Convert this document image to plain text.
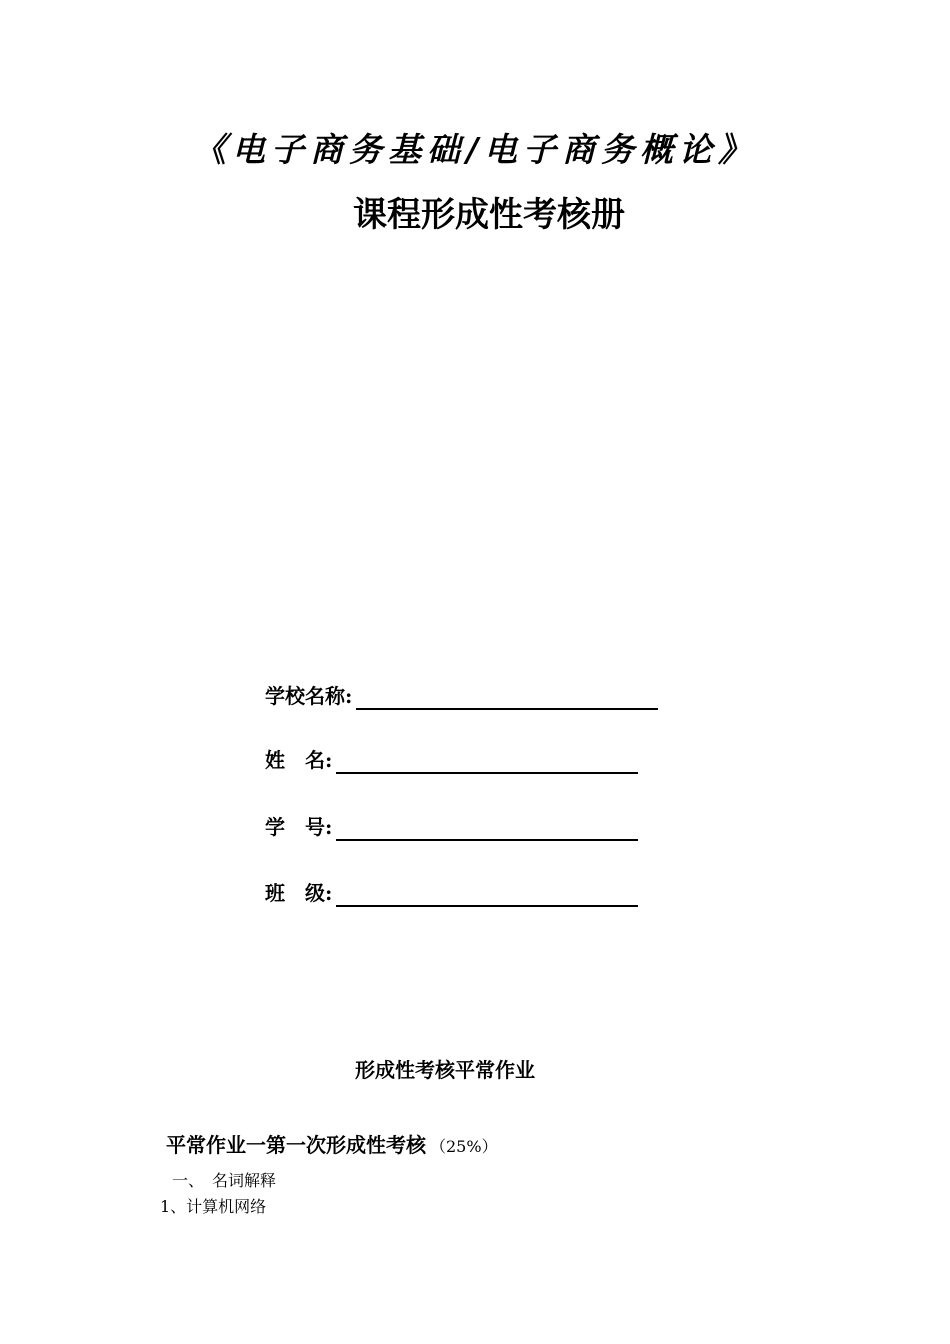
《电子商务基础/电子商务概论》
课程形成性考核册
学校名称:
姓　名:
学　号:
班　级:
形成性考核平常作业
平常作业一第一次形成性考核 （25%）
一、 名词解释
1、计算机网络
